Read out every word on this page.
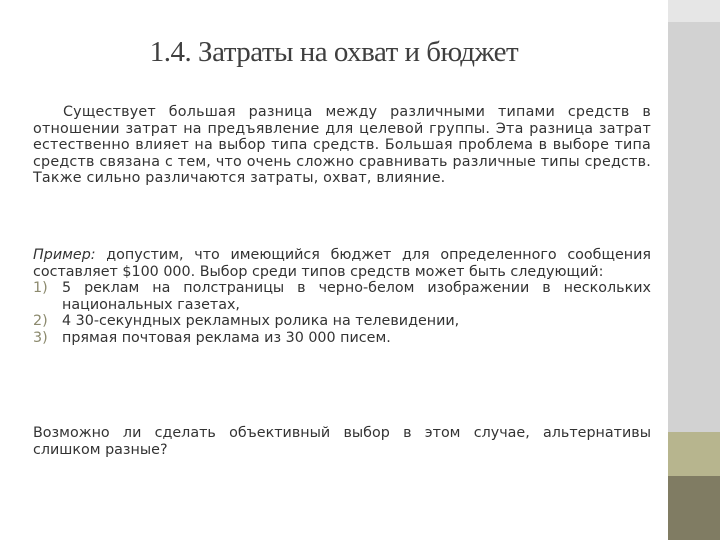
1.4. Затраты на охват и бюджет
Существует большая разница между различными типами средств в отношении затрат на предъявление для целевой группы. Эта разница затрат естественно влияет на выбор типа средств. Большая проблема в выборе типа средств связана с тем, что очень сложно сравнивать различные типы средств. Также сильно различаются затраты, охват, влияние.
Пример: допустим, что имеющийся бюджет для определенного сообщения составляет $100 000. Выбор среди типов средств может быть следующий:
1) 5 реклам на полстраницы в черно-белом изображении в нескольких национальных газетах,
2) 4 30-секундных рекламных ролика на телевидении,
3) прямая почтовая реклама из 30 000 писем.
Возможно ли сделать объективный выбор в этом случае, альтернативы слишком разные?
